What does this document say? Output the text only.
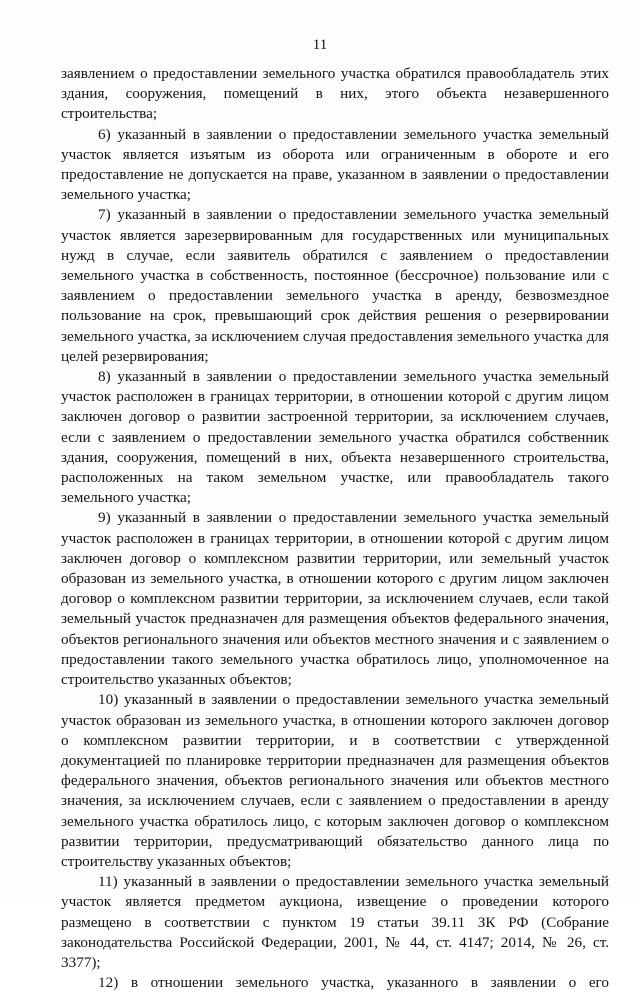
11

заявлением о предоставлении земельного участка обратился правообладатель этих здания, сооружения, помещений в них, этого объекта незавершенного строительства;

6) указанный в заявлении о предоставлении земельного участка земельный участок является изъятым из оборота или ограниченным в обороте и его предоставление не допускается на праве, указанном в заявлении о предоставлении земельного участка;

7) указанный в заявлении о предоставлении земельного участка земельный участок является зарезервированным для государственных или муниципальных нужд в случае, если заявитель обратился с заявлением о предоставлении земельного участка в собственность, постоянное (бессрочное) пользование или с заявлением о предоставлении земельного участка в аренду, безвозмездное пользование на срок, превышающий срок действия решения о резервировании земельного участка, за исключением случая предоставления земельного участка для целей резервирования;

8) указанный в заявлении о предоставлении земельного участка земельный участок расположен в границах территории, в отношении которой с другим лицом заключен договор о развитии застроенной территории, за исключением случаев, если с заявлением о предоставлении земельного участка обратился собственник здания, сооружения, помещений в них, объекта незавершенного строительства, расположенных на таком земельном участке, или правообладатель такого земельного участка;

9) указанный в заявлении о предоставлении земельного участка земельный участок расположен в границах территории, в отношении которой с другим лицом заключен договор о комплексном развитии территории, или земельный участок образован из земельного участка, в отношении которого с другим лицом заключен договор о комплексном развитии территории, за исключением случаев, если такой земельный участок предназначен для размещения объектов федерального значения, объектов регионального значения или объектов местного значения и с заявлением о предоставлении такого земельного участка обратилось лицо, уполномоченное на строительство указанных объектов;

10) указанный в заявлении о предоставлении земельного участка земельный участок образован из земельного участка, в отношении которого заключен договор о комплексном развитии территории, и в соответствии с утвержденной документацией по планировке территории предназначен для размещения объектов федерального значения, объектов регионального значения или объектов местного значения, за исключением случаев, если с заявлением о предоставлении в аренду земельного участка обратилось лицо, с которым заключен договор о комплексном развитии территории, предусматривающий обязательство данного лица по строительству указанных объектов;

11) указанный в заявлении о предоставлении земельного участка земельный участок является предметом аукциона, извещение о проведении которого размещено в соответствии с пунктом 19 статьи 39.11 ЗК РФ (Собрание законодательства Российской Федерации, 2001, № 44, ст. 4147; 2014, № 26, ст. 3377);

12) в отношении земельного участка, указанного в заявлении о его
